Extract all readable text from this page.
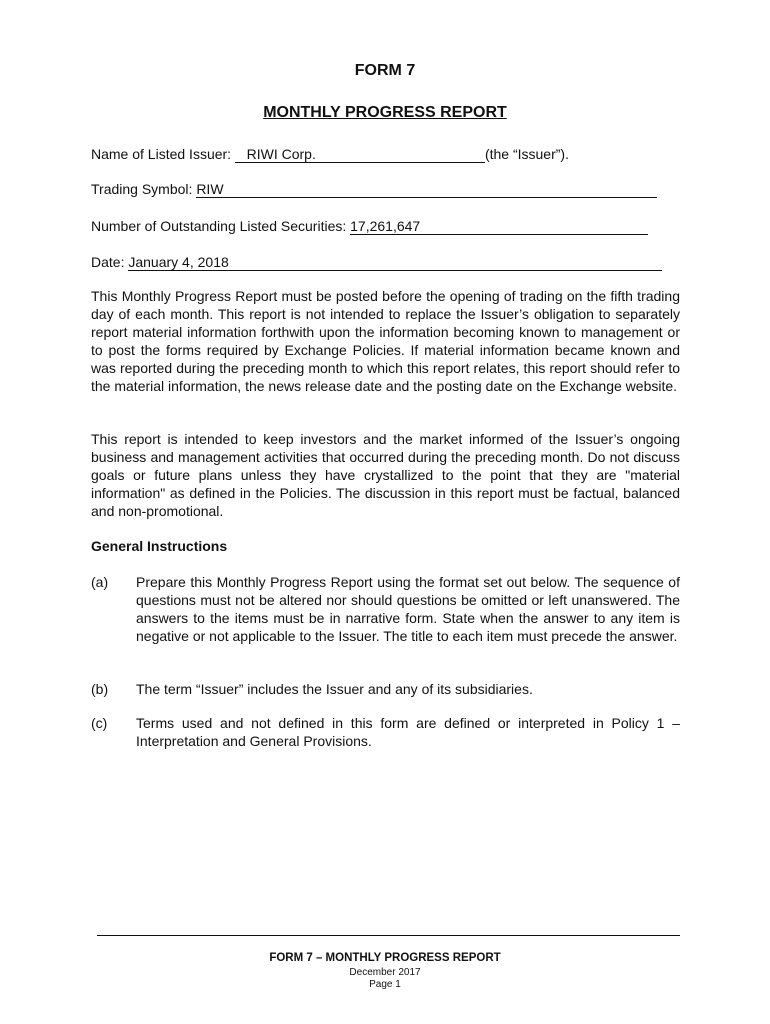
FORM 7
MONTHLY PROGRESS REPORT
Name of Listed Issuer: RIWI Corp.	(the “Issuer”).
Trading Symbol: RIW
Number of Outstanding Listed Securities: 17,261,647
Date: January 4, 2018
This Monthly Progress Report must be posted before the opening of trading on the fifth trading day of each month. This report is not intended to replace the Issuer’s obligation to separately report material information forthwith upon the information becoming known to management or to post the forms required by Exchange Policies. If material information became known and was reported during the preceding month to which this report relates, this report should refer to the material information, the news release date and the posting date on the Exchange website.
This report is intended to keep investors and the market informed of the Issuer’s ongoing business and management activities that occurred during the preceding month. Do not discuss goals or future plans unless they have crystallized to the point that they are "material information" as defined in the Policies. The discussion in this report must be factual, balanced and non-promotional.
General Instructions
(a) Prepare this Monthly Progress Report using the format set out below. The sequence of questions must not be altered nor should questions be omitted or left unanswered. The answers to the items must be in narrative form. State when the answer to any item is negative or not applicable to the Issuer. The title to each item must precede the answer.
(b) The term “Issuer” includes the Issuer and any of its subsidiaries.
(c) Terms used and not defined in this form are defined or interpreted in Policy 1 – Interpretation and General Provisions.
FORM 7 – MONTHLY PROGRESS REPORT
December 2017
Page 1
